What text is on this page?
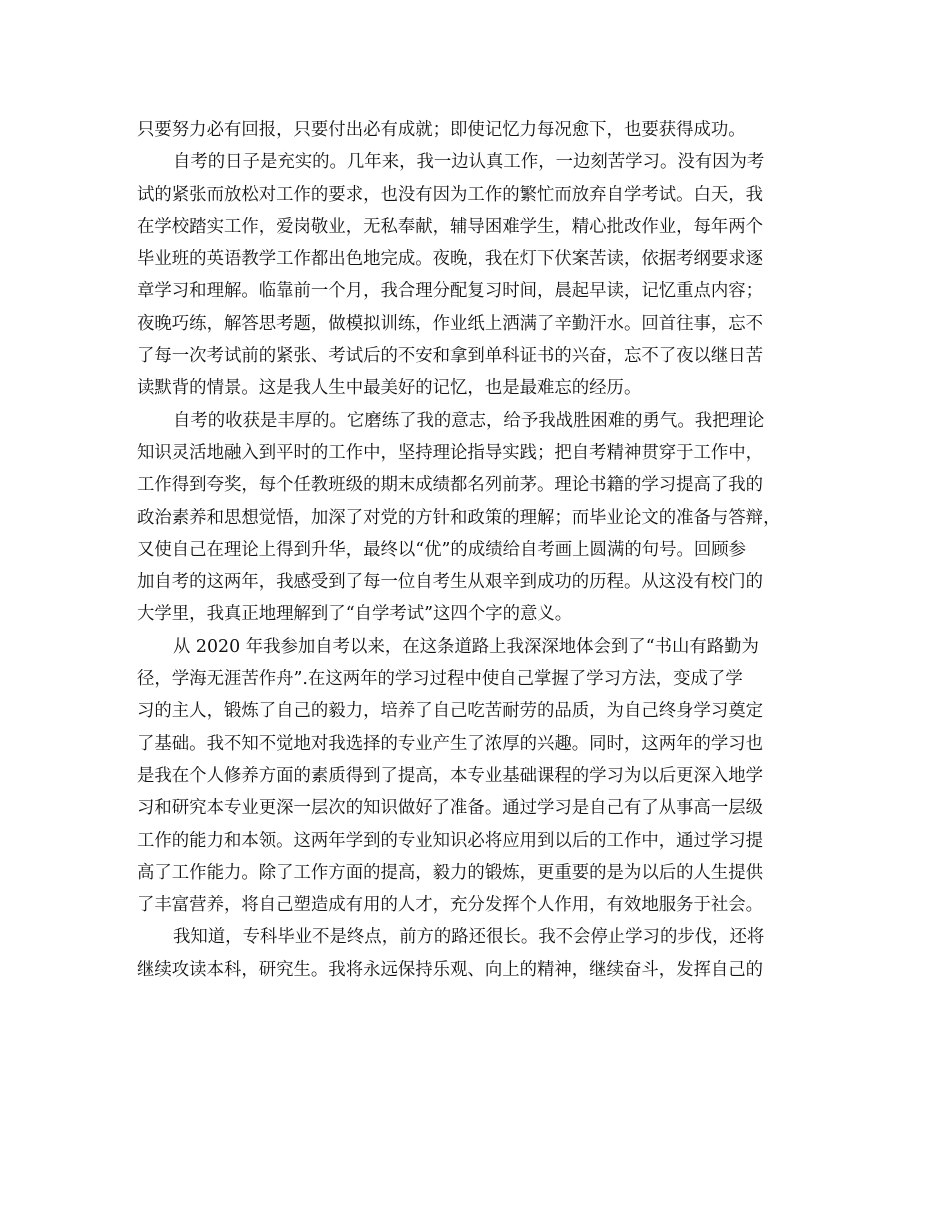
只要努力必有回报，只要付出必有成就；即使记忆力每况愈下，也要获得成功。
自考的日子是充实的。几年来，我一边认真工作，一边刻苦学习。没有因为考
试的紧张而放松对工作的要求，也没有因为工作的繁忙而放弃自学考试。白天，我
在学校踏实工作，爱岗敬业，无私奉献，辅导困难学生，精心批改作业，每年两个
毕业班的英语教学工作都出色地完成。夜晚，我在灯下伏案苦读，依据考纲要求逐
章学习和理解。临靠前一个月，我合理分配复习时间，晨起早读，记忆重点内容；
夜晚巧练，解答思考题，做模拟训练，作业纸上洒满了辛勤汗水。回首往事，忘不
了每一次考试前的紧张、考试后的不安和拿到单科证书的兴奋，忘不了夜以继日苦
读默背的情景。这是我人生中最美好的记忆，也是最难忘的经历。
自考的收获是丰厚的。它磨练了我的意志，给予我战胜困难的勇气。我把理论
知识灵活地融入到平时的工作中，坚持理论指导实践；把自考精神贯穿于工作中，
工作得到夸奖，每个任教班级的期末成绩都名列前茅。理论书籍的学习提高了我的
政治素养和思想觉悟，加深了对党的方针和政策的理解；而毕业论文的准备与答辩，
又使自己在理论上得到升华，最终以“优”的成绩给自考画上圆满的句号。回顾参
加自考的这两年，我感受到了每一位自考生从艰辛到成功的历程。从这没有校门的
大学里，我真正地理解到了“自学考试”这四个字的意义。
从 2020 年我参加自考以来，在这条道路上我深深地体会到了“书山有路勤为
径，学海无涯苦作舟”.在这两年的学习过程中使自己掌握了学习方法，变成了学
习的主人，锻炼了自己的毅力，培养了自己吃苦耐劳的品质，为自己终身学习奠定
了基础。我不知不觉地对我选择的专业产生了浓厚的兴趣。同时，这两年的学习也
是我在个人修养方面的素质得到了提高，本专业基础课程的学习为以后更深入地学
习和研究本专业更深一层次的知识做好了准备。通过学习是自己有了从事高一层级
工作的能力和本领。这两年学到的专业知识必将应用到以后的工作中，通过学习提
高了工作能力。除了工作方面的提高，毅力的锻炼，更重要的是为以后的人生提供
了丰富营养，将自己塑造成有用的人才，充分发挥个人作用，有效地服务于社会。
我知道，专科毕业不是终点，前方的路还很长。我不会停止学习的步伐，还将
继续攻读本科，研究生。我将永远保持乐观、向上的精神，继续奋斗，发挥自己的
